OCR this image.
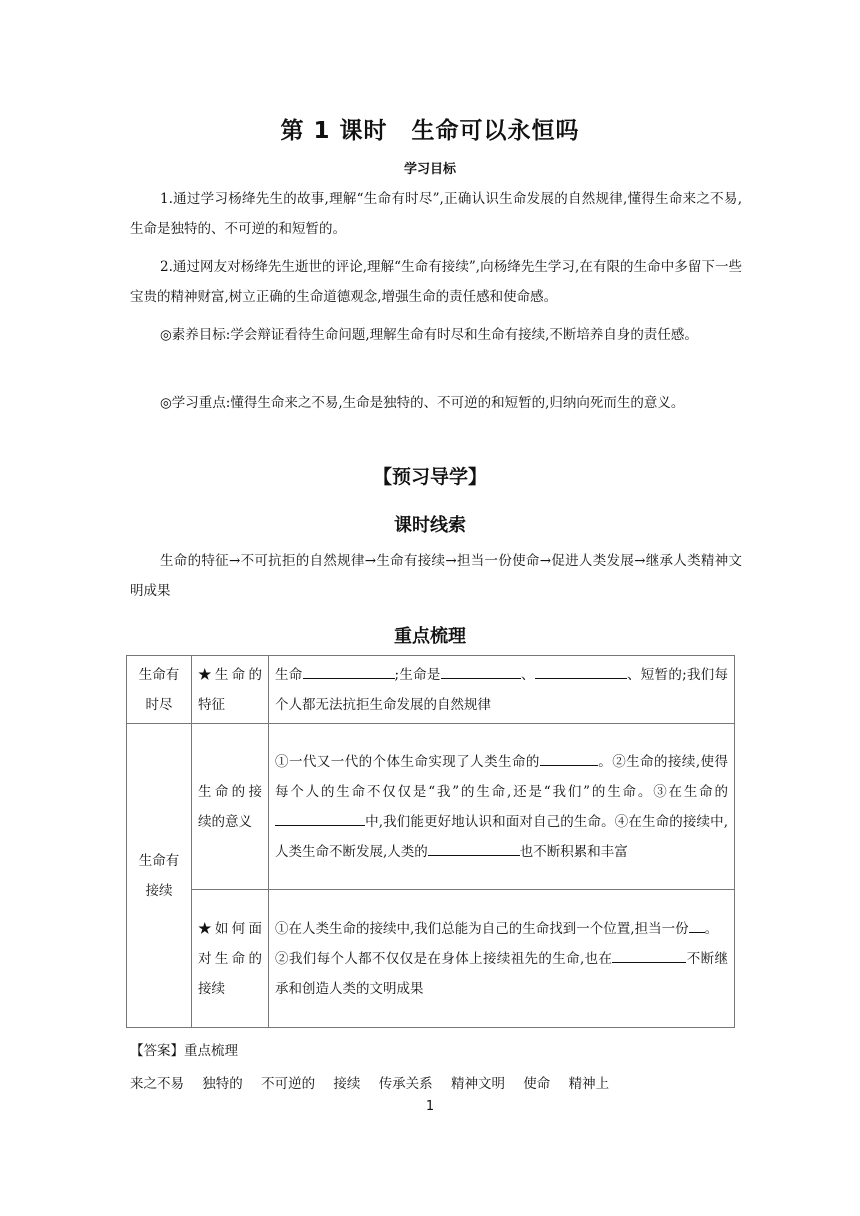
第 1 课时　生命可以永恒吗
学习目标
1.通过学习杨绛先生的故事,理解“生命有时尽”,正确认识生命发展的自然规律,懂得生命来之不易,生命是独特的、不可逆的和短暂的。
2.通过网友对杨绛先生逝世的评论,理解“生命有接续”,向杨绛先生学习,在有限的生命中多留下一些宝贵的精神财富,树立正确的生命道德观念,增强生命的责任感和使命感。
◎素养目标:学会辩证看待生命问题,理解生命有时尽和生命有接续,不断培养自身的责任感。
◎学习重点:懂得生命来之不易,生命是独特的、不可逆的和短暂的,归纳向死而生的意义。
【预习导学】
课时线索
生命的特征→不可抗拒的自然规律→生命有接续→担当一份使命→促进人类发展→继承人类精神文明成果
重点梳理
生命有时尽	★生命的特征	生命 ;生命是 、 、短暂的;我们每个人都无法抗拒生命发展的自然规律
生命有接续	生命的接续的意义	①一代又一代的个体生命实现了人类生命的 。②生命的接续,使得每个人的生命不仅仅是“我”的生命,还是“我们”的生命。③在生命的中,我们能更好地认识和面对自己的生命。④在生命的接续中,人类生命不断发展,人类的 也不断积累和丰富
	★如何面对生命的接续	①在人类生命的接续中,我们总能为自己的生命找到一个位置,担当一份 。
②我们每个人都不仅仅是在身体上接续祖先的生命,也在 不断继承和创造人类的文明成果
【答案】重点梳理
来之不易 独特的 不可逆的 接续 传承关系 精神文明 使命 精神上
1
